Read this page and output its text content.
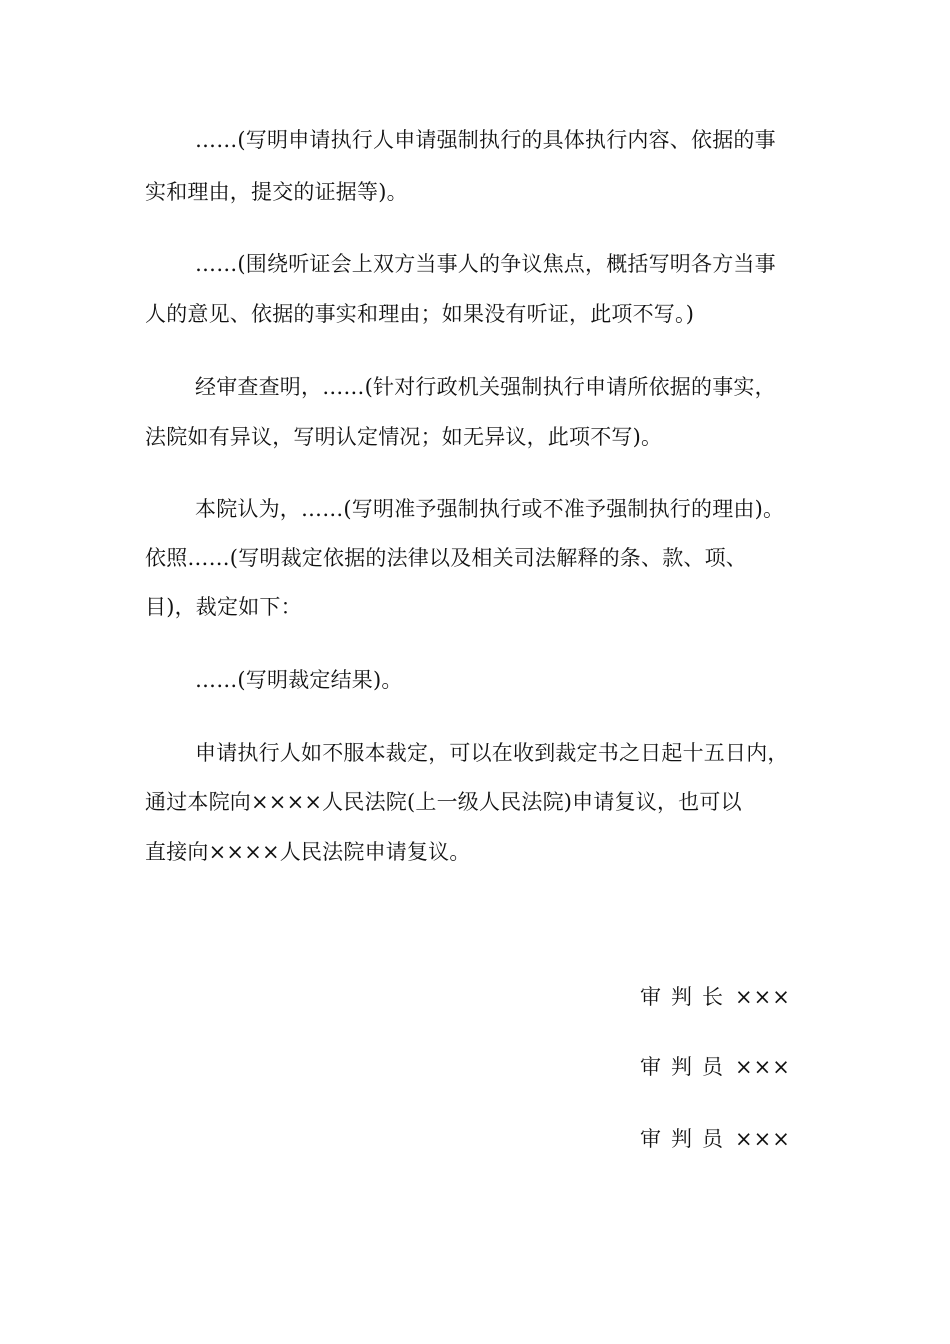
……(写明申请执行人申请强制执行的具体执行内容、依据的事
实和理由，提交的证据等)。
……(围绕听证会上双方当事人的争议焦点，概括写明各方当事
人的意见、依据的事实和理由；如果没有听证，此项不写。)
经审查查明，……(针对行政机关强制执行申请所依据的事实，
法院如有异议，写明认定情况；如无异议，此项不写)。
本院认为，……(写明准予强制执行或不准予强制执行的理由)。
依照……(写明裁定依据的法律以及相关司法解释的条、款、项、
目)，裁定如下：
……(写明裁定结果)。
申请执行人如不服本裁定，可以在收到裁定书之日起十五日内，
通过本院向××××人民法院(上一级人民法院)申请复议，也可以
直接向××××人民法院申请复议。
审判长×××
审判员×××
审判员×××
